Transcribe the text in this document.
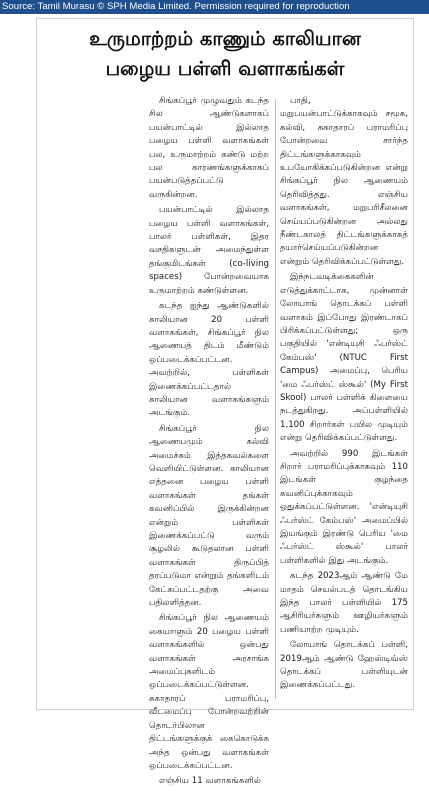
Source: Tamil Murasu © SPH Media Limited. Permission required for reproduction
உருமாற்றம் காணும் காலியான
பழைய பள்ளி வளாகங்கள்

சிங்கப்பூர் முழுவதும் கடந்த சில ஆண்டுகளாகப் பயன்பாட்டில் இல்லாத பழைய பள்ளி வளாகங்கள் பல, உருமாற்றம் கண்டு மற்ற பல காரணங்களுக்காகப் பயன்படுத்தப்பட்டு வருகின்றன.

பயன்பாட்டில் இல்லாத பழைய பள்ளி வளாகங்கள், பாலர் பள்ளிகள், இதர வசதிகளுடன் அமைந்துள்ள தங்குமிடங்கள் (co-living spaces) போன்றவையாக உருமாற்றம் கண்டுள்ளன.

கடந்த ஐந்து ஆண்டுகளில் காலியான 20 பள்ளி வளாகங்கள், சிங்கப்பூர் நில ஆணையத் திடம் மீண்டும் ஒப்படைக்கப்பட்டன. அவற்றில், பள்ளிகள் இணைக்கப்பட்டதால் காலியான வளாகங்களும் அடங்கும்.

சிங்கப்பூர் நில ஆணையமும் கல்வி அமைச்சும் இத்தகவல்களை வெளியிட்டுள்ளன. காலியான எத்தனை பழைய பள்ளி வளாகங்கள் தங்கள் கவனிப்பில் இருக்கின்றன என்றும் பள்ளிகள் இணைக்கப்பட்டு வரும் சூழலில் கூடுதலான பள்ளி வளாகங்கள் திருப்பித் தரப்படுமா என்றும் தங்களிடம் கேட்கப்பட்டதற்கு அவை பதிலளித்தன.

சிங்கப்பூர் நில ஆணையம் கையாளும் 20 பழைய பள்ளி வளாகங்களில் ஒன்பது வளாகங்கள் அரசாங்க அமைப்புகளிடம் ஒப்படைக்கப்பட்டுள்ளன. சுகாதாரப் பராமரிப்பு, வீடமைப்பு போன்றவற்றின் தொடர்பிலான திட்டங்களுக்குக் கைகொடுக்க அந்த ஒன்பது வளாகங்கள் ஒப்படைக்கப்பட்டன.

எஞ்சிய 11 வளாகங்களில்

பாதி, மறுபயன்பாட்டுக்காகவும் சமூக, கல்வி, சுகாதாரப் பராமரிப்பு போன்றவை சார்ந்த திட்டங்களுக்காகவும் உபயோகிக்கப்படுகின்றன என்று சிங்கப்பூர் நில ஆணையம் தெரிவித்தது. எஞ்சிய வளாகங்கள், மறுபரிசீலனை செய்யப்படுகின்றன அல்லது நீண்டகாலத் திட்டங்களுக்காகத் தயார்செய்யப்படுகின்றன என்றும் தெரிவிக்கப்பட்டுள்ளது.

இந்நடவடிக்கைகளின் எடுத்துக்காட்டாக, முன்னாள் லோயாங் தொடக்கப் பள்ளி வளாகம் இப்போது இரண்டாகப் பிரிக்கப்பட்டுள்ளது; ஒரு பகுதியில் 'என்டியுசி ஃபர்ஸ்ட் கேம்பஸ்' (NTUC First Campus) அமைப்பு, பெரிய 'மை ஃபர்ஸ்ட் ஸ்கூல்' (My First Skool) பாலர் பள்ளிக் கிளையை நடத்துகிறது. அப்பள்ளியில் 1,100 சிறார்கள் பயில முடியும் என்று தெரிவிக்கப்பட்டுள்ளது.

அவற்றில் 990 இடங்கள் சிறார் பராமரிப்புக்காகவும் 110 இடங்கள் குழந்தை கவனிப்புக்காகவும் ஒதுக்கப்பட்டுள்ளன. 'என்டியுசி ஃபர்ஸ்ட் கேம்பஸ்' அமைப்பில் இயங்கும் இரண்டு பெரிய 'மை ஃபர்ஸ்ட் ஸ்கூல்' பாலர் பள்ளிகளில் இது அடங்கும்.

கடந்த 2023ஆம் ஆண்டு மே மாதம் செயல்படத் தொடங்கிய இந்த பாலர் பள்ளியில் 175 ஆசிரியர்களும் ஊழியர்களும் பணியாற்ற முடியும்.

லோயாங் தொடக்கப் பள்ளி, 2019ஆம் ஆண்டு ஹேஸ்டிவ்ஸ் தொடக்கப் பள்ளியுடன் இணைக்கப்பட்டது.
